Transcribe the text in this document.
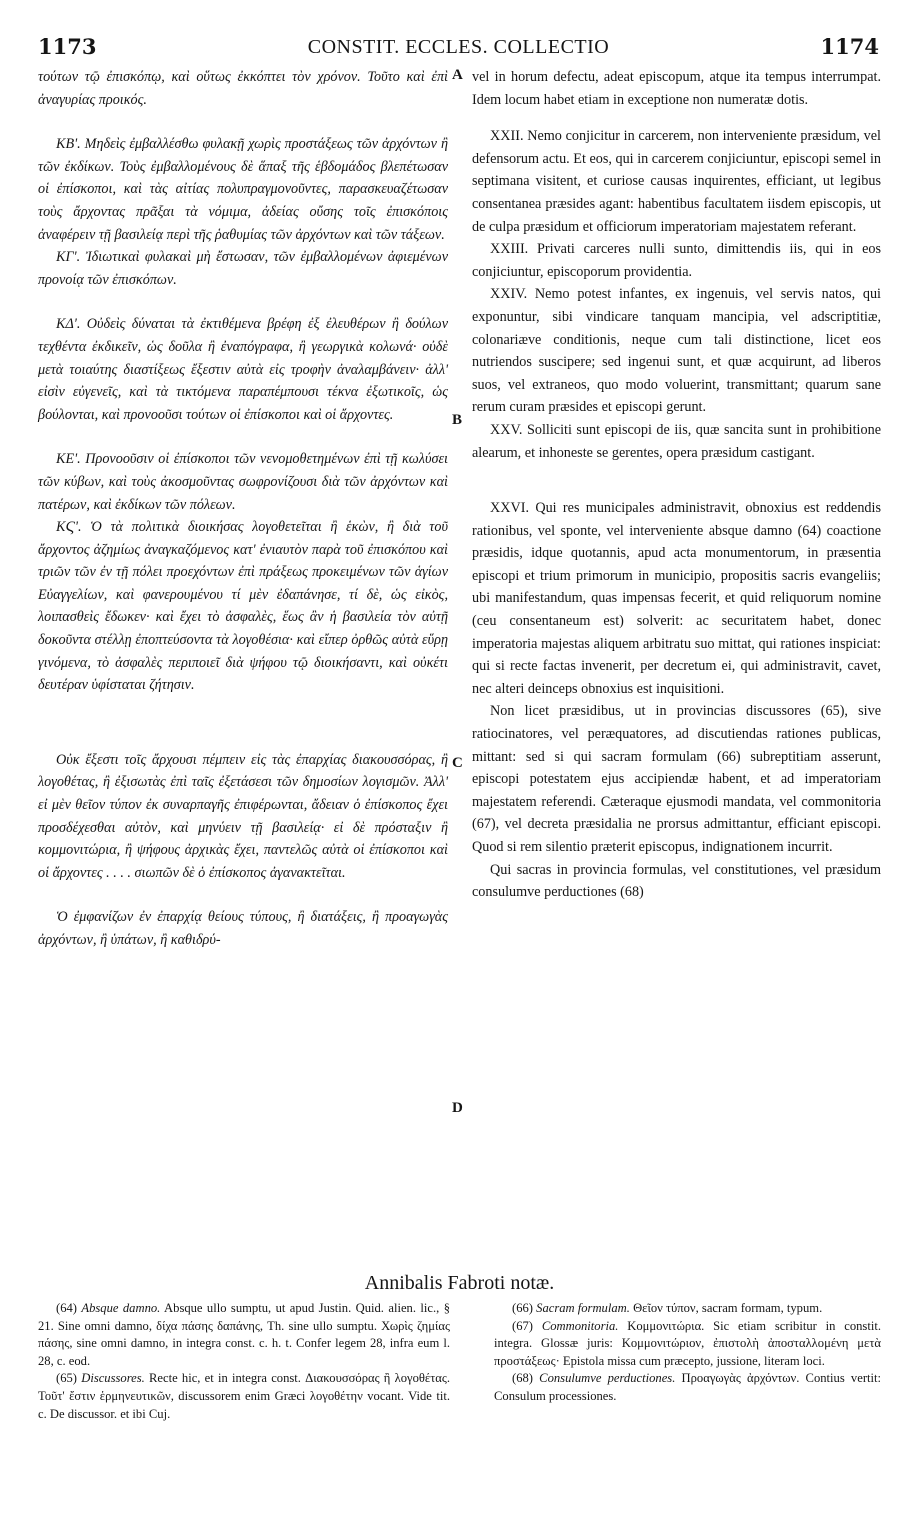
1173	CONSTIT. ECCLES. COLLECTIO	1174

τούτων τῷ ἐπισκόπῳ, καὶ οὕτως ἐκκόπτει τὸν χρόνον. Τοῦτο καὶ ἐπὶ ἀναγυρίας προικός.

ΚΒ'. Μηδεὶς ἐμβαλλέσθω φυλακῇ χωρὶς προστάξεως τῶν ἀρχόντων ἢ τῶν ἐκδίκων. Τοὺς ἐμβαλλομένους δὲ ἅπαξ τῆς ἑβδομάδος βλεπέτωσαν οἱ ἐπίσκοποι, καὶ τὰς αἰτίας πολυπραγμονοῦντες, παρασκευαζέτωσαν τοὺς ἄρχοντας πρᾶξαι τὰ νόμιμα, ἀδείας οὔσης τοῖς ἐπισκόποις ἀναφέρειν τῇ βασιλείᾳ περὶ τῆς ῥαθυμίας τῶν ἀρχόντων καὶ τῶν τάξεων.

ΚΓ'. Ἰδιωτικαὶ φυλακαὶ μὴ ἔστωσαν, τῶν ἐμβαλλομένων ἀφιεμένων προνοίᾳ τῶν ἐπισκόπων.

ΚΔ'. Οὐδεὶς δύναται τὰ ἐκτιθέμενα βρέφη ἐξ ἐλευθέρων ἢ δούλων τεχθέντα ἐκδικεῖν, ὡς δοῦλα ἢ ἐναπόγραφα, ἢ γεωργικὰ κολωνά· οὐδὲ μετὰ τοιαύτης διαστίξεως ἔξεστιν αὐτὰ εἰς τροφὴν ἀναλαμβάνειν· ἀλλ' εἰσὶν εὐγενεῖς, καὶ τὰ τικτόμενα παραπέμπουσι τέκνα ἐξωτικοῖς, ὡς βούλονται, καὶ προνοοῦσι τούτων οἱ ἐπίσκοποι καὶ οἱ ἄρχοντες.

ΚΕ'. Προνοοῦσιν οἱ ἐπίσκοποι τῶν νενομοθετημένων ἐπὶ τῇ κωλύσει τῶν κύβων, καὶ τοὺς ἀκοσμοῦντας σωφρονίζουσι διὰ τῶν ἀρχόντων καὶ πατέρων, καὶ ἐκδίκων τῶν πόλεων.

ΚϚ'. Ὁ τὰ πολιτικὰ διοικήσας λογοθετεῖται ἢ ἑκὼν, ἢ διὰ τοῦ ἄρχοντος ἀζημίως ἀναγκαζόμενος κατ' ἐνιαυτὸν παρὰ τοῦ ἐπισκόπου καὶ τριῶν τῶν ἐν τῇ πόλει προεχόντων ἐπὶ πράξεως προκειμένων τῶν ἁγίων Εὐαγγελίων, καὶ φανερουμένου τί μὲν ἐδαπάνησε, τί δὲ, ὡς εἰκὸς, λοιπασθεὶς ἔδωκεν· καὶ ἔχει τὸ ἀσφαλὲς, ἕως ἂν ἡ βασιλεία τὸν αὐτῇ δοκοῦντα στέλλῃ ἐποπτεύσοντα τὰ λογοθέσια· καὶ εἴπερ ὀρθῶς αὐτὰ εὕρῃ γινόμενα, τὸ ἀσφαλὲς περιποιεῖ διὰ ψήφου τῷ διοικήσαντι, καὶ οὐκέτι δευτέραν ὑφίσταται ζήτησιν.

Οὐκ ἔξεστι τοῖς ἄρχουσι πέμπειν εἰς τὰς ἐπαρχίας διακουσσόρας, ἢ λογοθέτας, ἢ ἐξισωτὰς ἐπὶ ταῖς ἐξετάσεσι τῶν δημοσίων λογισμῶν. Ἀλλ' εἰ μὲν θεῖον τύπον ἐκ συναρπαγῆς ἐπιφέρωνται, ἄδειαν ὁ ἐπίσκοπος ἔχει προσδέχεσθαι αὐτὸν, καὶ μηνύειν τῇ βασιλείᾳ· εἰ δὲ πρόσταξιν ἢ κομμονιτώρια, ἢ ψήφους ἀρχικὰς ἔχει, παντελῶς αὐτὰ οἱ ἐπίσκοποι καὶ οἱ ἄρχοντες . . . . σιωπῶν δὲ ὁ ἐπίσκοπος ἀγανακτεῖται.

Ὁ ἐμφανίζων ἐν ἐπαρχίᾳ θείους τύπους, ἢ διατάξεις, ἢ προαγωγὰς ἀρχόντων, ἢ ὑπάτων, ἢ καθιδρύ-

A
B
C
D

vel in horum defectu, adeat episcopum, atque ita tempus interrumpat. Idem locum habet etiam in exceptione non numeratæ dotis.

XXII. Nemo conjicitur in carcerem, non interveniente præsidum, vel defensorum actu. Et eos, qui in carcerem conjiciuntur, episcopi semel in septimana visitent, et curiose causas inquirentes, efficiant, ut legibus consentanea præsides agant: habentibus facultatem iisdem episcopis, ut de culpa præsidum et officiorum imperatoriam majestatem referant.

XXIII. Privati carceres nulli sunto, dimittendis iis, qui in eos conjiciuntur, episcoporum providentia.

XXIV. Nemo potest infantes, ex ingenuis, vel servis natos, qui exponuntur, sibi vindicare tanquam mancipia, vel adscriptitiæ, colonariæve conditionis, neque cum tali distinctione, licet eos nutriendos suscipere; sed ingenui sunt, et quæ acquirunt, ad liberos suos, vel extraneos, quo modo voluerint, transmittant; quarum sane rerum curam præsides et episcopi gerunt.

XXV. Solliciti sunt episcopi de iis, quæ sancita sunt in prohibitione alearum, et inhoneste se gerentes, opera præsidum castigant.

XXVI. Qui res municipales administravit, obnoxius est reddendis rationibus, vel sponte, vel interveniente absque damno (64) coactione præsidis, idque quotannis, apud acta monumentorum, in præsentia episcopi et trium primorum in municipio, propositis sacris evangeliis; ubi manifestandum, quas impensas fecerit, et quid reliquorum nomine (ceu consentaneum est) solverit: ac securitatem habet, donec imperatoria majestas aliquem arbitratu suo mittat, qui rationes inspiciat: qui si recte factas invenerit, per decretum ei, qui administravit, cavet, nec alteri deinceps obnoxius est inquisitioni.

Non licet præsidibus, ut in provincias discussores (65), sive ratiocinatores, vel peræquatores, ad discutiendas rationes publicas, mittant: sed si qui sacram formulam (66) subreptitiam asserunt, episcopi potestatem ejus accipiendæ habent, et ad imperatoriam majestatem referendi. Cæteraque ejusmodi mandata, vel commonitoria (67), vel decreta præsidalia ne prorsus admittantur, efficiant episcopi. Quod si rem silentio præterit episcopus, indignationem incurrit.

Qui sacras in provincia formulas, vel constitutiones, vel præsidum consulumve perductiones (68)

Annibalis Fabroti notæ.

(64) Absque damno. Absque ullo sumptu, ut apud Justin. Quid. alien. lic., § 21. Sine omni damno, δίχα πάσης δαπάνης, Th. sine ullo sumptu. Χωρὶς ζημίας πάσης, sine omni damno, in integra const. c. h. t. Confer legem 28, infra eum l. 28, c. eod.

(65) Discussores. Recte hic, et in integra const. Διακουσσόρας ἢ λογοθέτας. Τοῦτ' ἔστιν ἑρμηνευτικῶν, discussorem enim Græci λογοθέτην vocant. Vide tit. c. De discussor. et ibi Cuj.

(66) Sacram formulam. Θεῖον τύπον, sacram formam, typum.

(67) Commonitoria. Κομμονιτώρια. Sic etiam scribitur in constit. integra. Glossæ juris: Κομμονιτώριον, ἐπιστολὴ ἀποσταλλομένη μετὰ προστάξεως· Epistola missa cum præcepto, jussione, literam loci.

(68) Consulumve perductiones. Προαγωγὰς ἀρχόντων. Contius vertit: Consulum processiones.
